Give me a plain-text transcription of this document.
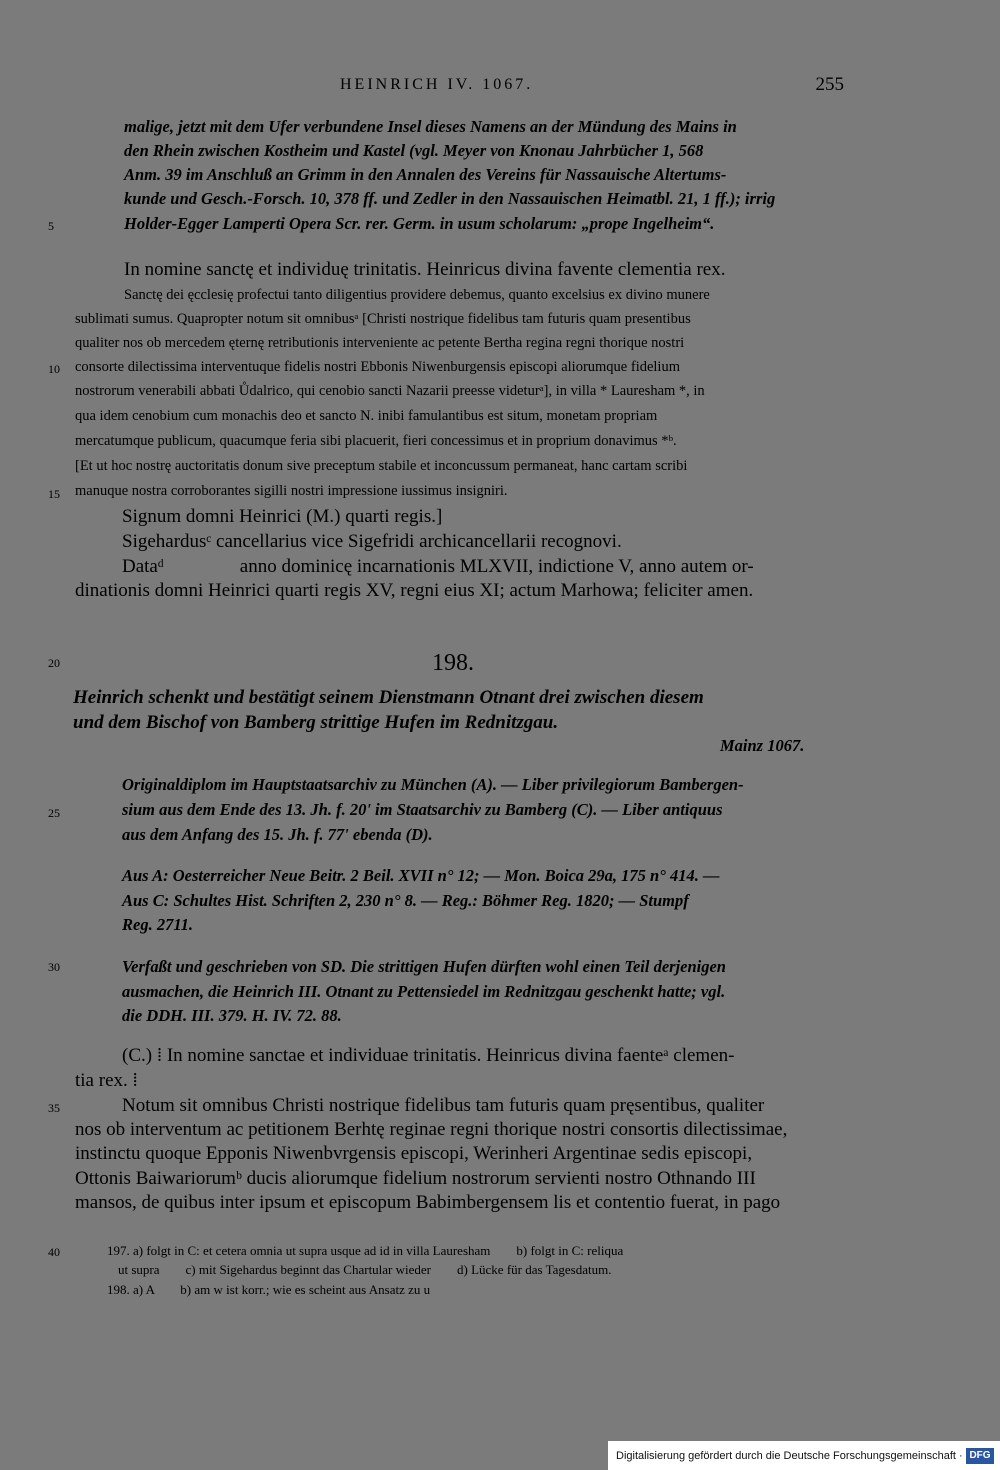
HEINRICH IV. 1067.	255
5
10
15
20
25
30
35
40
malige, jetzt mit dem Ufer verbundene Insel dieses Namens an der Mündung des Mains in
den Rhein zwischen Kostheim und Kastel (vgl. Meyer von Knonau Jahrbücher 1, 568
Anm. 39 im Anschluß an Grimm in den Annalen des Vereins für Nassauische Altertums-
kunde und Gesch.-Forsch. 10, 378 ff. und Zedler in den Nassauischen Heimatbl. 21, 1 ff.); irrig
Holder-Egger Lamperti Opera Scr. rer. Germ. in usum scholarum: „prope Ingelheim“.
In nomine sanctę et individuę trinitatis. Heinricus divina favente clementia rex.
Sanctę dei ęcclesię profectui tanto diligentius providere debemus, quanto excelsius ex divino munere
sublimati sumus. Quapropter notum sit omnibusᵃ [Christi nostrique fidelibus tam futuris quam presentibus
qualiter nos ob mercedem ęternę retributionis interveniente ac petente Bertha regina regni thorique nostri
consorte dilectissima interventuque fidelis nostri Ebbonis Niwenburgensis episcopi aliorumque fidelium
nostrorum venerabili abbati Ůdalrico, qui cenobio sancti Nazarii preesse videturᵃ], in villa * Lauresham *, in
qua idem cenobium cum monachis deo et sancto N. inibi famulantibus est situm, monetam propriam
mercatumque publicum, quacumque feria sibi placuerit, fieri concessimus et in proprium donavimus *ᵇ.
[Et ut hoc nostrę auctoritatis donum sive preceptum stabile et inconcussum permaneat, hanc cartam scribi
manuque nostra corroborantes sigilli nostri impressione iussimus insigniri.
Signum domni Heinrici (M.) quarti regis.]
Sigehardusᶜ cancellarius vice Sigefridi archicancellarii recognovi.
Dataᵈ                anno dominicę incarnationis MLXVII, indictione V, anno autem or-
dinationis domni Heinrici quarti regis XV, regni eius XI; actum Marhowa; feliciter amen.
198.
Heinrich schenkt und bestätigt seinem Dienstmann Otnant drei zwischen diesem
und dem Bischof von Bamberg strittige Hufen im Rednitzgau.
Mainz 1067.
Originaldiplom im Hauptstaatsarchiv zu München (A). — Liber privilegiorum Bambergen-
sium aus dem Ende des 13. Jh. f. 20ʹ im Staatsarchiv zu Bamberg (C). — Liber antiquus
aus dem Anfang des 15. Jh. f. 77ʹ ebenda (D).
Aus A: Oesterreicher Neue Beitr. 2 Beil. XVII n° 12; — Mon. Boica 29a, 175 n° 414. —
Aus C: Schultes Hist. Schriften 2, 230 n° 8. — Reg.: Böhmer Reg. 1820; — Stumpf
Reg. 2711.
Verfaßt und geschrieben von SD. Die strittigen Hufen dürften wohl einen Teil derjenigen
ausmachen, die Heinrich III. Otnant zu Pettensiedel im Rednitzgau geschenkt hatte; vgl.
die DDH. III. 379. H. IV. 72. 88.
(C.) ⁞ In nomine sanctae et individuae trinitatis. Heinricus divina faenteᵃ clemen-
tia rex. ⁞
Notum sit omnibus Christi nostrique fidelibus tam futuris quam pręsentibus, qualiter
nos ob interventum ac petitionem Berhtę reginae regni thorique nostri consortis dilectissimae,
instinctu quoque Epponis Niwenbvrgensis episcopi, Werinheri Argentinae sedis episcopi,
Ottonis Baiwariorumᵇ ducis aliorumque fidelium nostrorum servienti nostro Othnando III
mansos, de quibus inter ipsum et episcopum Babimbergensem lis et contentio fuerat, in pago
197. a) folgt in C: et cetera omnia ut supra usque ad id in villa Lauresham        b) folgt in C: reliqua
ut supra        c) mit Sigehardus beginnt das Chartular wieder        d) Lücke für das Tagesdatum.
198. a) A        b) am w ist korr.; wie es scheint aus Ansatz zu u
Digitalisierung gefördert durch die Deutsche Forschungsgemeinschaft · DFG
